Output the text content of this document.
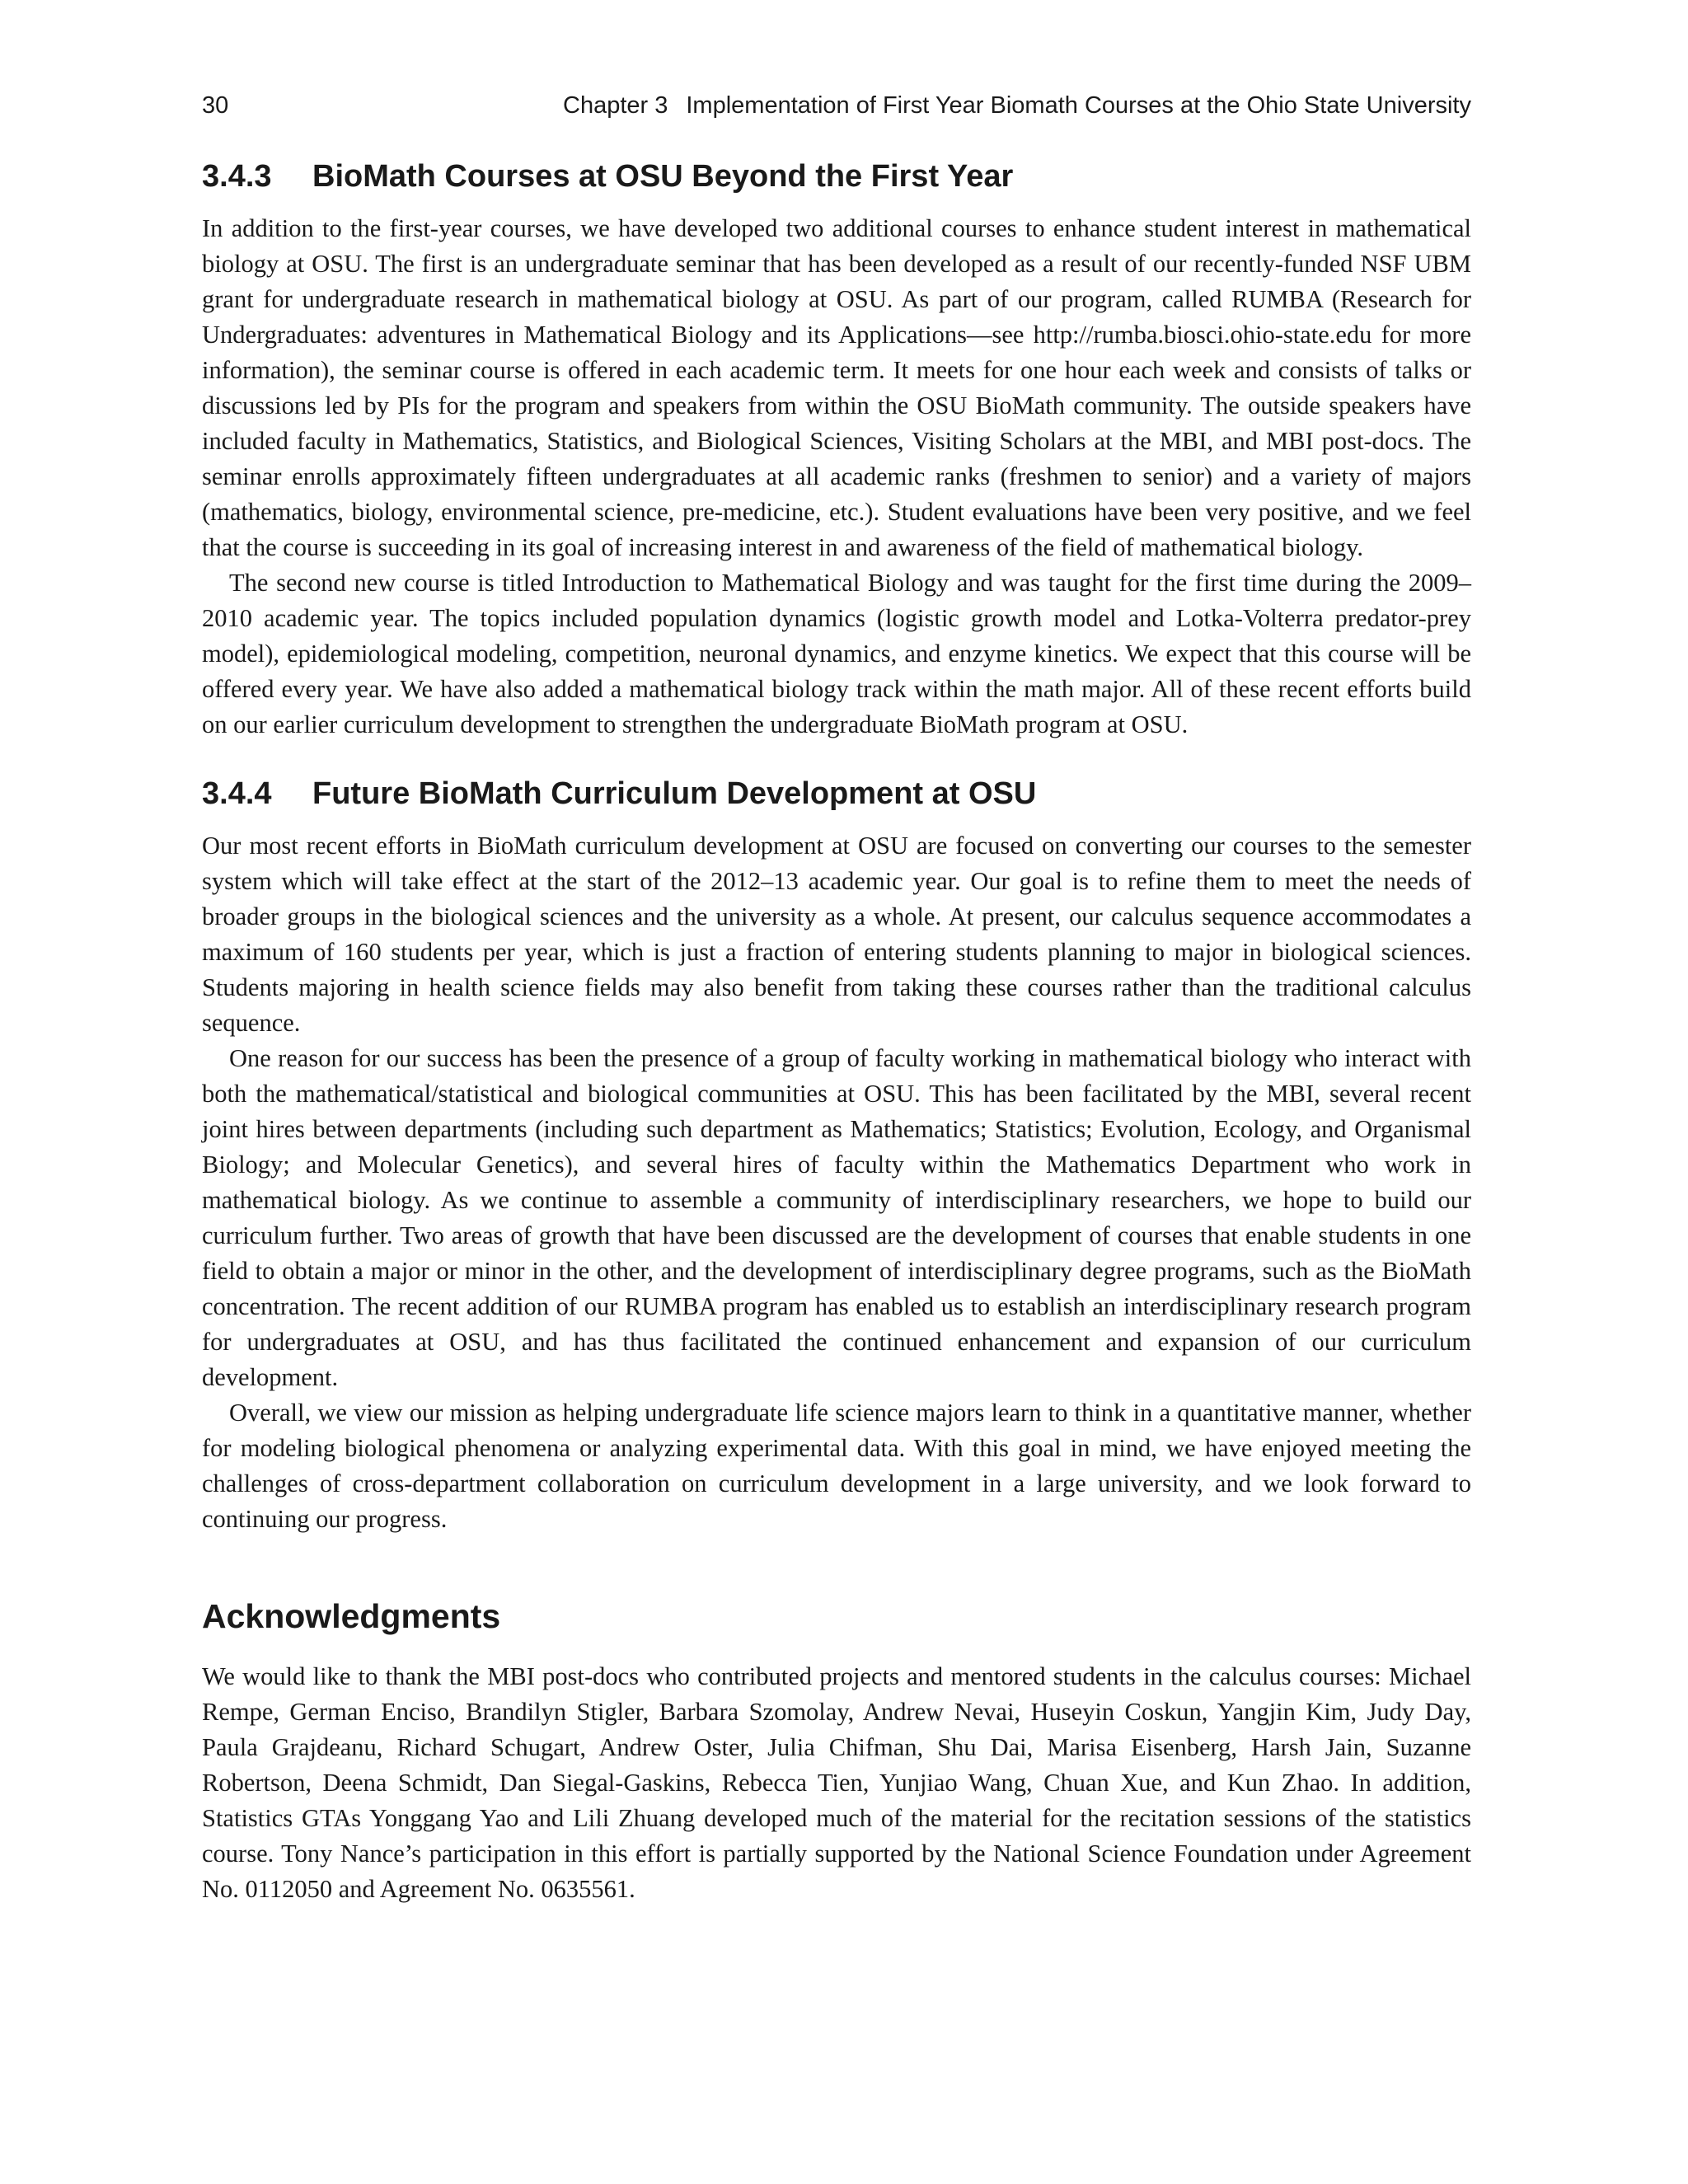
30	Chapter 3 Implementation of First Year Biomath Courses at the Ohio State University
3.4.3 BioMath Courses at OSU Beyond the First Year

In addition to the first-year courses, we have developed two additional courses to enhance student interest in mathematical biology at OSU. The first is an undergraduate seminar that has been developed as a result of our recently-funded NSF UBM grant for undergraduate research in mathematical biology at OSU. As part of our program, called RUMBA (Research for Undergraduates: adventures in Mathematical Biology and its Applications—see http://rumba.biosci.ohio-state.edu for more information), the seminar course is offered in each academic term. It meets for one hour each week and consists of talks or discussions led by PIs for the program and speakers from within the OSU BioMath community. The outside speakers have included faculty in Mathematics, Statistics, and Biological Sciences, Visiting Scholars at the MBI, and MBI post-docs. The seminar enrolls approximately fifteen undergraduates at all academic ranks (freshmen to senior) and a variety of majors (mathematics, biology, environmental science, pre-medicine, etc.). Student evaluations have been very positive, and we feel that the course is succeeding in its goal of increasing interest in and awareness of the field of mathematical biology.

The second new course is titled Introduction to Mathematical Biology and was taught for the first time during the 2009–2010 academic year. The topics included population dynamics (logistic growth model and Lotka-Volterra predator-prey model), epidemiological modeling, competition, neuronal dynamics, and enzyme kinetics. We expect that this course will be offered every year. We have also added a mathematical biology track within the math major. All of these recent efforts build on our earlier curriculum development to strengthen the undergraduate BioMath program at OSU.

3.4.4 Future BioMath Curriculum Development at OSU

Our most recent efforts in BioMath curriculum development at OSU are focused on converting our courses to the semester system which will take effect at the start of the 2012–13 academic year. Our goal is to refine them to meet the needs of broader groups in the biological sciences and the university as a whole. At present, our calculus sequence accommodates a maximum of 160 students per year, which is just a fraction of entering students planning to major in biological sciences. Students majoring in health science fields may also benefit from taking these courses rather than the traditional calculus sequence.

One reason for our success has been the presence of a group of faculty working in mathematical biology who interact with both the mathematical/statistical and biological communities at OSU. This has been facilitated by the MBI, several recent joint hires between departments (including such department as Mathematics; Statistics; Evolution, Ecology, and Organismal Biology; and Molecular Genetics), and several hires of faculty within the Mathematics Department who work in mathematical biology. As we continue to assemble a community of interdisciplinary researchers, we hope to build our curriculum further. Two areas of growth that have been discussed are the development of courses that enable students in one field to obtain a major or minor in the other, and the development of interdisciplinary degree programs, such as the BioMath concentration. The recent addition of our RUMBA program has enabled us to establish an interdisciplinary research program for undergraduates at OSU, and has thus facilitated the continued enhancement and expansion of our curriculum development.

Overall, we view our mission as helping undergraduate life science majors learn to think in a quantitative manner, whether for modeling biological phenomena or analyzing experimental data. With this goal in mind, we have enjoyed meeting the challenges of cross-department collaboration on curriculum development in a large university, and we look forward to continuing our progress.

Acknowledgments

We would like to thank the MBI post-docs who contributed projects and mentored students in the calculus courses: Michael Rempe, German Enciso, Brandilyn Stigler, Barbara Szomolay, Andrew Nevai, Huseyin Coskun, Yangjin Kim, Judy Day, Paula Grajdeanu, Richard Schugart, Andrew Oster, Julia Chifman, Shu Dai, Marisa Eisenberg, Harsh Jain, Suzanne Robertson, Deena Schmidt, Dan Siegal-Gaskins, Rebecca Tien, Yunjiao Wang, Chuan Xue, and Kun Zhao. In addition, Statistics GTAs Yonggang Yao and Lili Zhuang developed much of the material for the recitation sessions of the statistics course. Tony Nance’s participation in this effort is partially supported by the National Science Foundation under Agreement No. 0112050 and Agreement No. 0635561.
